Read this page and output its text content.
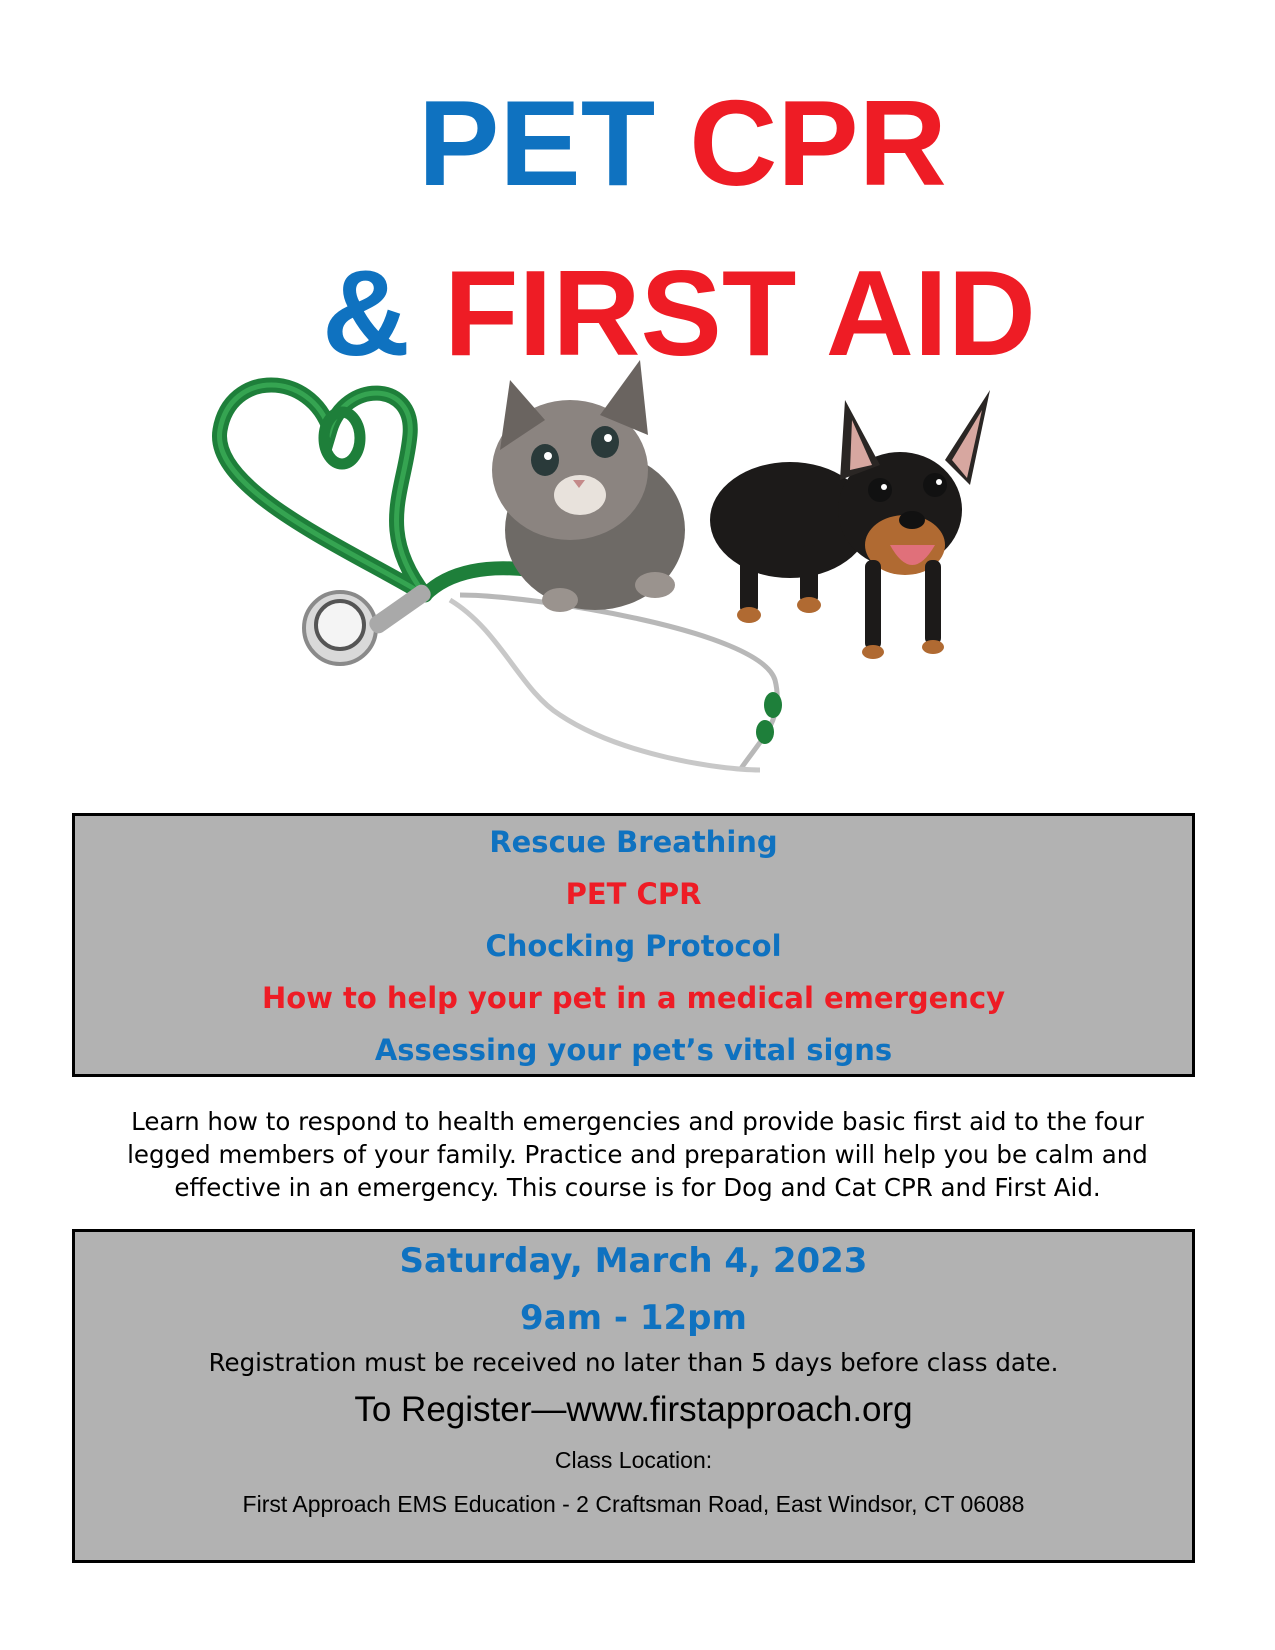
PET CPR
& FIRST AID
Rescue Breathing
PET CPR
Chocking Protocol
How to help your pet in a medical emergency
Assessing your pet’s vital signs
Learn how to respond to health emergencies and provide basic first aid to the four
legged members of your family. Practice and preparation will help you be calm and
effective in an emergency. This course is for Dog and Cat CPR and First Aid.
Saturday, March 4, 2023
9am - 12pm
Registration must be received no later than 5 days before class date.
To Register—www.firstapproach.org
Class Location:
First Approach EMS Education - 2 Craftsman Road, East Windsor, CT 06088
